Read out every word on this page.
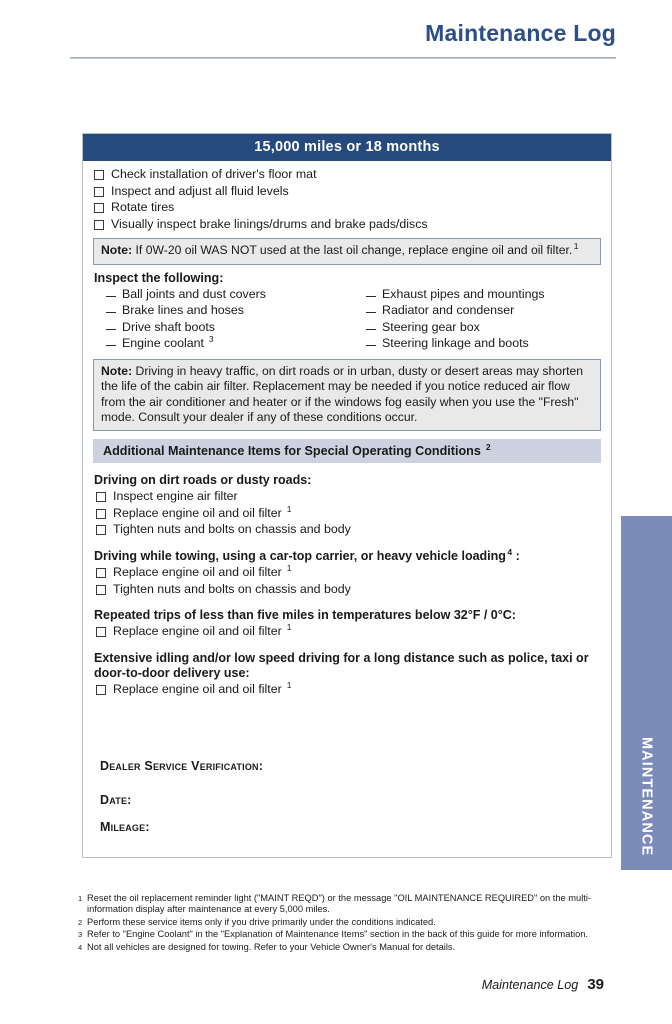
Maintenance Log
MAINTENANCE
15,000 miles or 18 months
Check installation of driver's floor mat
Inspect and adjust all fluid levels
Rotate tires
Visually inspect brake linings/drums and brake pads/discs
Note: If 0W-20 oil WAS NOT used at the last oil change, replace engine oil and oil filter. $^1$
Inspect the following:
Ball joints and dust covers
Brake lines and hoses
Drive shaft boots
Engine coolant $^3$
Exhaust pipes and mountings
Radiator and condenser
Steering gear box
Steering linkage and boots
Note: Driving in heavy traffic, on dirt roads or in urban, dusty or desert areas may shorten the life of the cabin air filter. Replacement may be needed if you notice reduced air flow from the air conditioner and heater or if the windows fog easily when you use the "Fresh" mode. Consult your dealer if any of these conditions occur.
Additional Maintenance Items for Special Operating Conditions $^2$
Driving on dirt roads or dusty roads:
Inspect engine air filter
Replace engine oil and oil filter $^1$
Tighten nuts and bolts on chassis and body
Driving while towing, using a car-top carrier, or heavy vehicle loading $^4$ :
Replace engine oil and oil filter $^1$
Tighten nuts and bolts on chassis and body
Repeated trips of less than five miles in temperatures below 32°F / 0°C:
Replace engine oil and oil filter $^1$
Extensive idling and/or low speed driving for a long distance such as police, taxi or door-to-door delivery use:
Replace engine oil and oil filter $^1$
Dealer Service Verification:
Date:
Mileage:
1 Reset the oil replacement reminder light ("MAINT REQD") or the message "OIL MAINTENANCE REQUIRED" on the multi-information display after maintenance at every 5,000 miles.
2 Perform these service items only if you drive primarily under the conditions indicated.
3 Refer to "Engine Coolant" in the "Explanation of Maintenance Items" section in the back of this guide for more information.
4 Not all vehicles are designed for towing. Refer to your Vehicle Owner's Manual for details.
Maintenance Log 39
